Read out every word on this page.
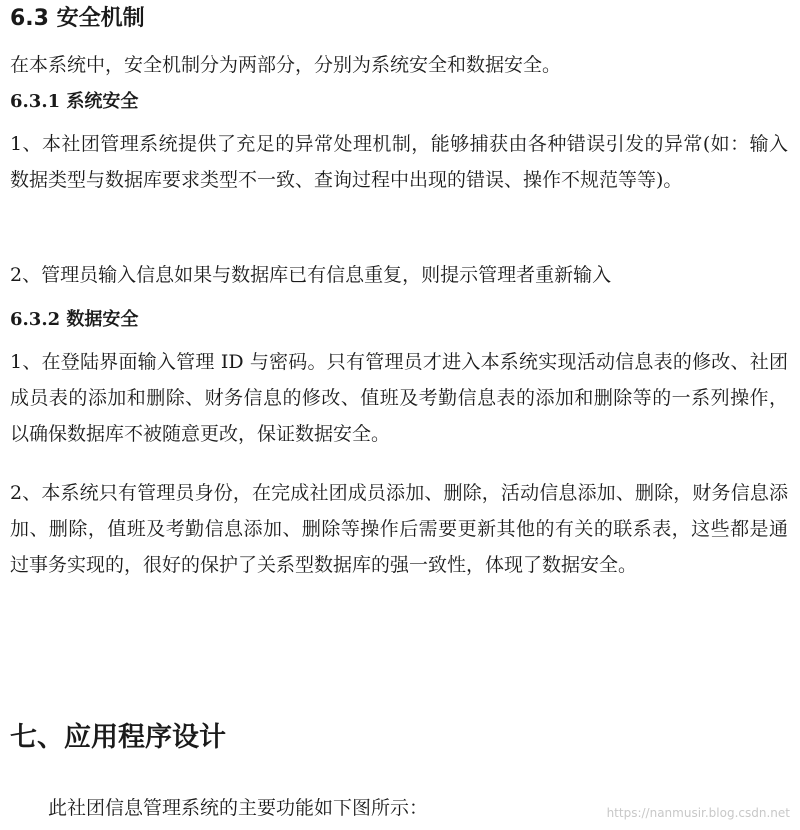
6.3 安全机制
在本系统中，安全机制分为两部分，分别为系统安全和数据安全。
6.3.1 系统安全
1、本社团管理系统提供了充足的异常处理机制，能够捕获由各种错误引发的异常(如：输入数据类型与数据库要求类型不一致、查询过程中出现的错误、操作不规范等等)。
2、管理员输入信息如果与数据库已有信息重复，则提示管理者重新输入
6.3.2 数据安全
1、在登陆界面输入管理 ID 与密码。只有管理员才进入本系统实现活动信息表的修改、社团成员表的添加和删除、财务信息的修改、值班及考勤信息表的添加和删除等的一系列操作，以确保数据库不被随意更改，保证数据安全。
2、本系统只有管理员身份，在完成社团成员添加、删除，活动信息添加、删除，财务信息添加、删除，值班及考勤信息添加、删除等操作后需要更新其他的有关的联系表，这些都是通过事务实现的，很好的保护了关系型数据库的强一致性，体现了数据安全。
七、应用程序设计
此社团信息管理系统的主要功能如下图所示：	https://nanmusir.blog.csdn.net
